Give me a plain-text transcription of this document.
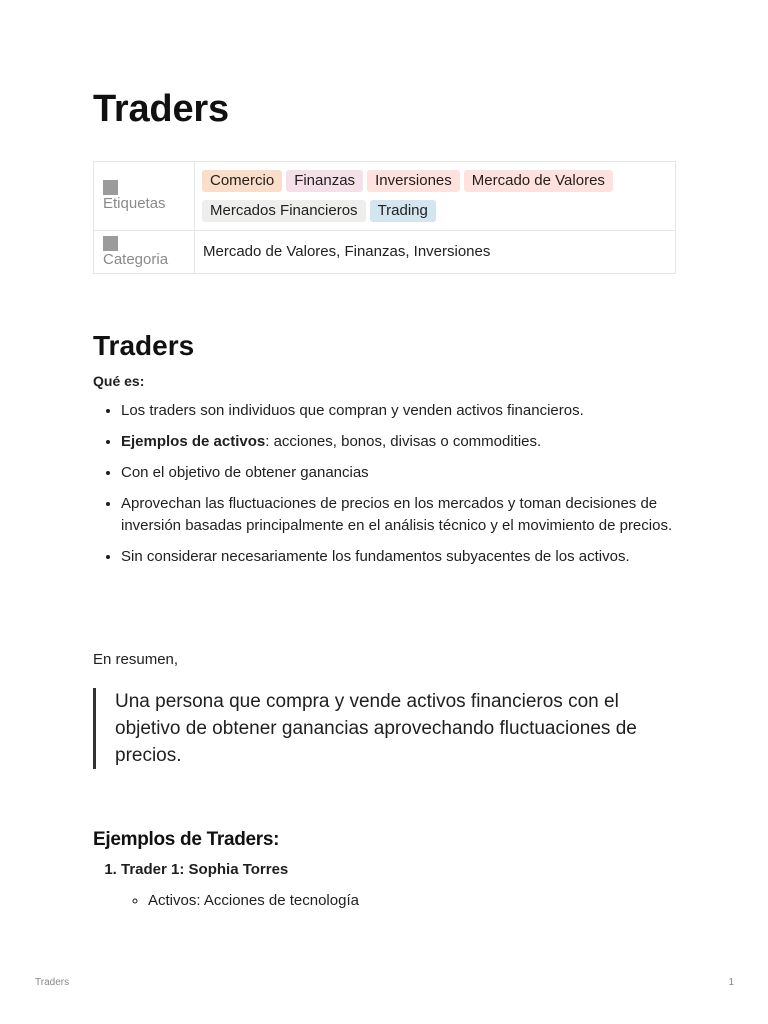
Traders
Etiquetas	Comercio Finanzas Inversiones Mercado de Valores
Mercados Financieros Trading

Categoria	Mercado de Valores, Finanzas, Inversiones
Traders
Qué es:
• Los traders son individuos que compran y venden activos financieros.
• Ejemplos de activos: acciones, bonos, divisas o commodities.
• Con el objetivo de obtener ganancias
• Aprovechan las fluctuaciones de precios en los mercados y toman decisiones de inversión basadas principalmente en el análisis técnico y el movimiento de precios.
• Sin considerar necesariamente los fundamentos subyacentes de los activos.
En resumen,
Una persona que compra y vende activos financieros con el objetivo de obtener ganancias aprovechando fluctuaciones de precios.
Ejemplos de Traders:
1. Trader 1: Sophia Torres
◦ Activos: Acciones de tecnología
Traders	1
